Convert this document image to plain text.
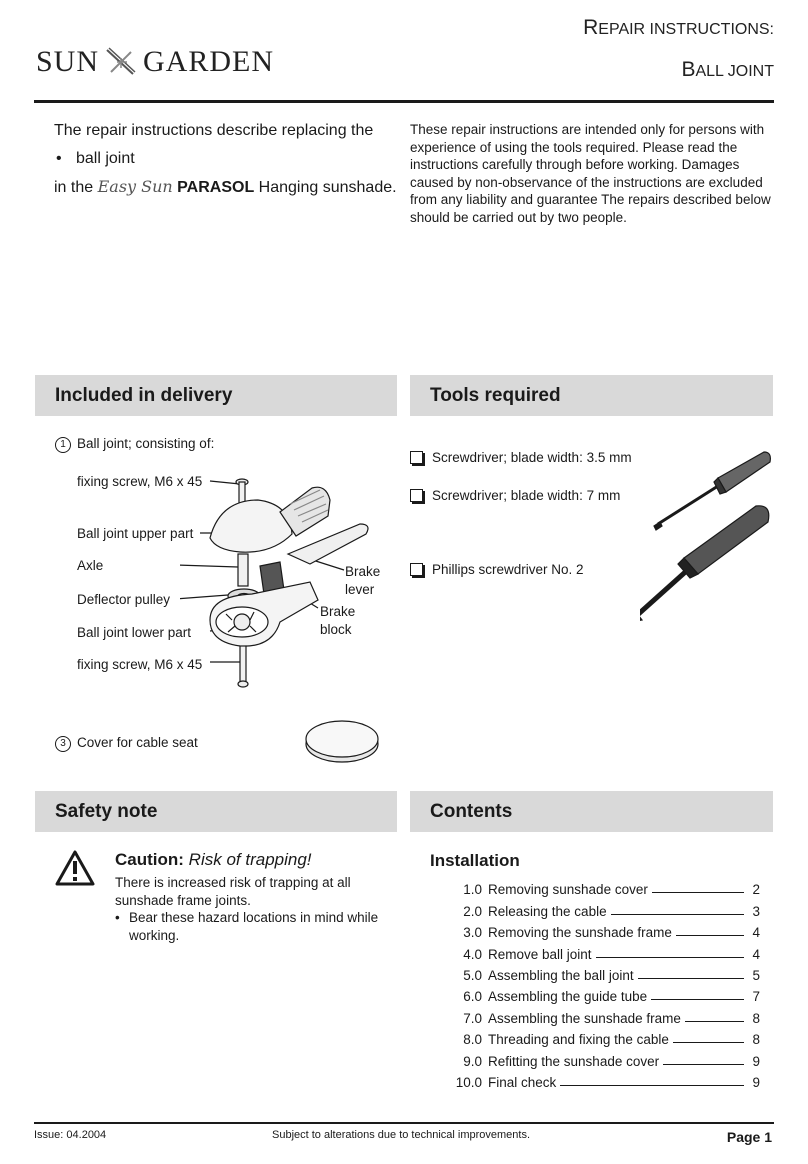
SUN GARDEN
REPAIR INSTRUCTIONS:
BALL JOINT
The repair instructions describe replacing the
• ball joint
in the Easy Sun PARASOL Hanging sunshade.
These repair instructions are intended only for persons with experience of using the tools required. Please read the instructions carefully through before working. Damages caused by non-observance of the instructions are excluded from any liability and guarantee The repairs described below should be carried out by two people.
Included in delivery	Tools required
Safety note	Contents
1 Ball joint; consisting of:
fixing screw, M6 x 45
Ball joint upper part
Axle
Deflector pulley
Ball joint lower part
fixing screw, M6 x 45
Brake
lever
Brake
block
3 Cover for cable seat
Screwdriver; blade width: 3.5 mm
Screwdriver; blade width: 7 mm
Phillips screwdriver No. 2
Caution: Risk of trapping!
There is increased risk of trapping at all sunshade frame joints.
• Bear these hazard locations in mind while working.
Installation
1.0 Removing sunshade cover	2
2.0 Releasing the cable	3
3.0 Removing the sunshade frame	4
4.0 Remove ball joint	4
5.0 Assembling the ball joint	5
6.0 Assembling the guide tube	7
7.0 Assembling the sunshade frame	8
8.0 Threading and fixing the cable	8
9.0 Refitting the sunshade cover	9
10.0 Final check	9
Issue: 04.2004	Subject to alterations due to technical improvements.	Page 1
